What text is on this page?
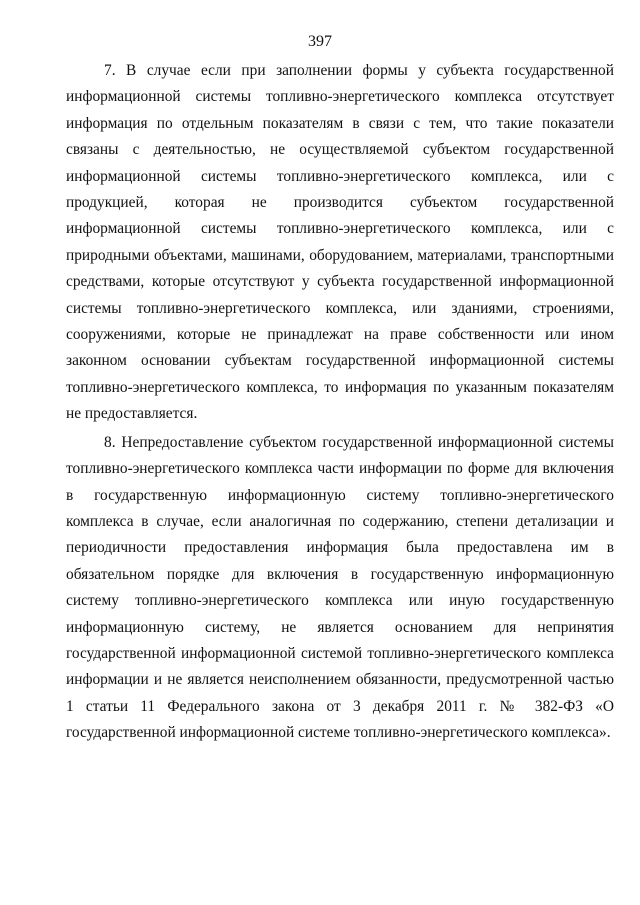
397

7. В случае если при заполнении формы у субъекта государственной информационной системы топливно-энергетического комплекса отсутствует информация по отдельным показателям в связи с тем, что такие показатели связаны с деятельностью, не осуществляемой субъектом государственной информационной системы топливно-энергетического комплекса, или с продукцией, которая не производится субъектом государственной информационной системы топливно-энергетического комплекса, или с природными объектами, машинами, оборудованием, материалами, транспортными средствами, которые отсутствуют у субъекта государственной информационной системы топливно-энергетического комплекса, или зданиями, строениями, сооружениями, которые не принадлежат на праве собственности или ином законном основании субъектам государственной информационной системы топливно-энергетического комплекса, то информация по указанным показателям не предоставляется.

8. Непредоставление субъектом государственной информационной системы топливно-энергетического комплекса части информации по форме для включения в государственную информационную систему топливно-энергетического комплекса в случае, если аналогичная по содержанию, степени детализации и периодичности предоставления информация была предоставлена им в обязательном порядке для включения в государственную информационную систему топливно-энергетического комплекса или иную государственную информационную систему, не является основанием для непринятия государственной информационной системой топливно-энергетического комплекса информации и не является неисполнением обязанности, предусмотренной частью 1 статьи 11 Федерального закона от 3 декабря 2011 г. № 382-ФЗ «О государственной информационной системе топливно-энергетического комплекса».
